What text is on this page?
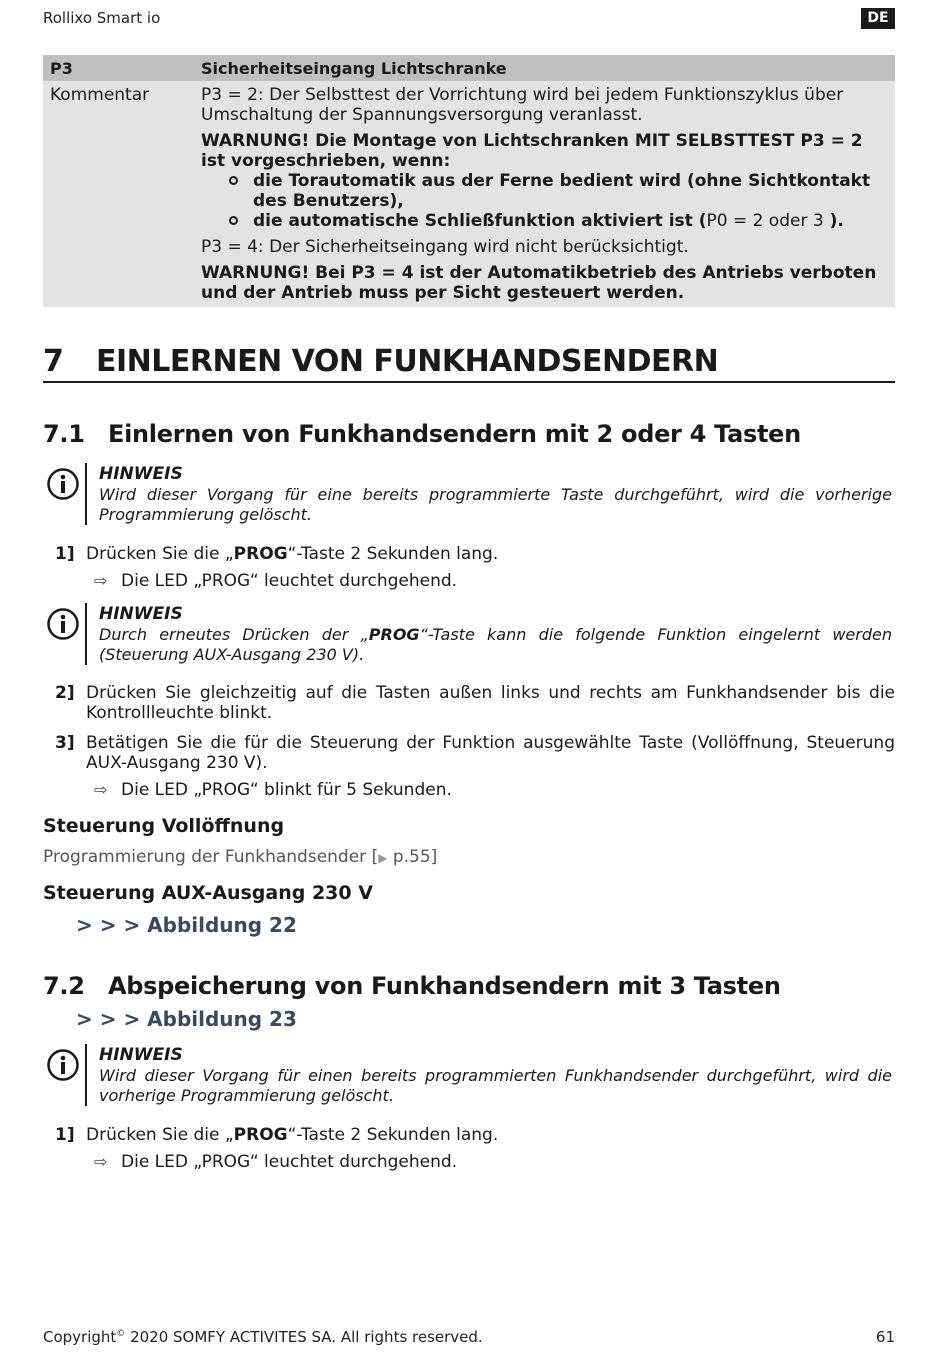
Rollixo Smart io	DE
P3	Sicherheitseingang Lichtschranke
Kommentar	P3 = 2: Der Selbsttest der Vorrichtung wird bei jedem Funktionszyklus über Umschaltung der Spannungsversorgung veranlasst.

WARNUNG! Die Montage von Lichtschranken MIT SELBSTTEST P3 = 2 ist vorgeschrieben, wenn:

die Torautomatik aus der Ferne bedient wird (ohne Sichtkontakt des Benutzers),
die automatische Schließfunktion aktiviert ist (P0 = 2 oder 3 ).

P3 = 4: Der Sicherheitseingang wird nicht berücksichtigt.

WARNUNG! Bei P3 = 4 ist der Automatikbetrieb des Antriebs verboten und der Antrieb muss per Sicht gesteuert werden.

7	EINLERNEN VON FUNKHANDSENDERN
7.1 Einlernen von Funkhandsendern mit 2 oder 4 Tasten
HINWEIS
Wird dieser Vorgang für eine bereits programmierte Taste durchgeführt, wird die vorherige Programmierung gelöscht.
1] Drücken Sie die „PROG“-Taste 2 Sekunden lang.
⇨ Die LED „PROG“ leuchtet durchgehend.
HINWEIS
Durch erneutes Drücken der „PROG“-Taste kann die folgende Funktion eingelernt werden (Steuerung AUX-Ausgang 230 V).
2] Drücken Sie gleichzeitig auf die Tasten außen links und rechts am Funkhandsender bis die Kontrollleuchte blinkt.
3] Betätigen Sie die für die Steuerung der Funktion ausgewählte Taste (Vollöffnung, Steuerung AUX-Ausgang 230 V).
⇨ Die LED „PROG“ blinkt für 5 Sekunden.
Steuerung Vollöffnung
Programmierung der Funkhandsender [▶ p.55]
Steuerung AUX-Ausgang 230 V
> > > Abbildung 22
7.2 Abspeicherung von Funkhandsendern mit 3 Tasten
> > > Abbildung 23
HINWEIS
Wird dieser Vorgang für einen bereits programmierten Funkhandsender durchgeführt, wird die vorherige Programmierung gelöscht.
1] Drücken Sie die „PROG“-Taste 2 Sekunden lang.
⇨ Die LED „PROG“ leuchtet durchgehend.
Copyright© 2020 SOMFY ACTIVITES SA. All rights reserved.	61
